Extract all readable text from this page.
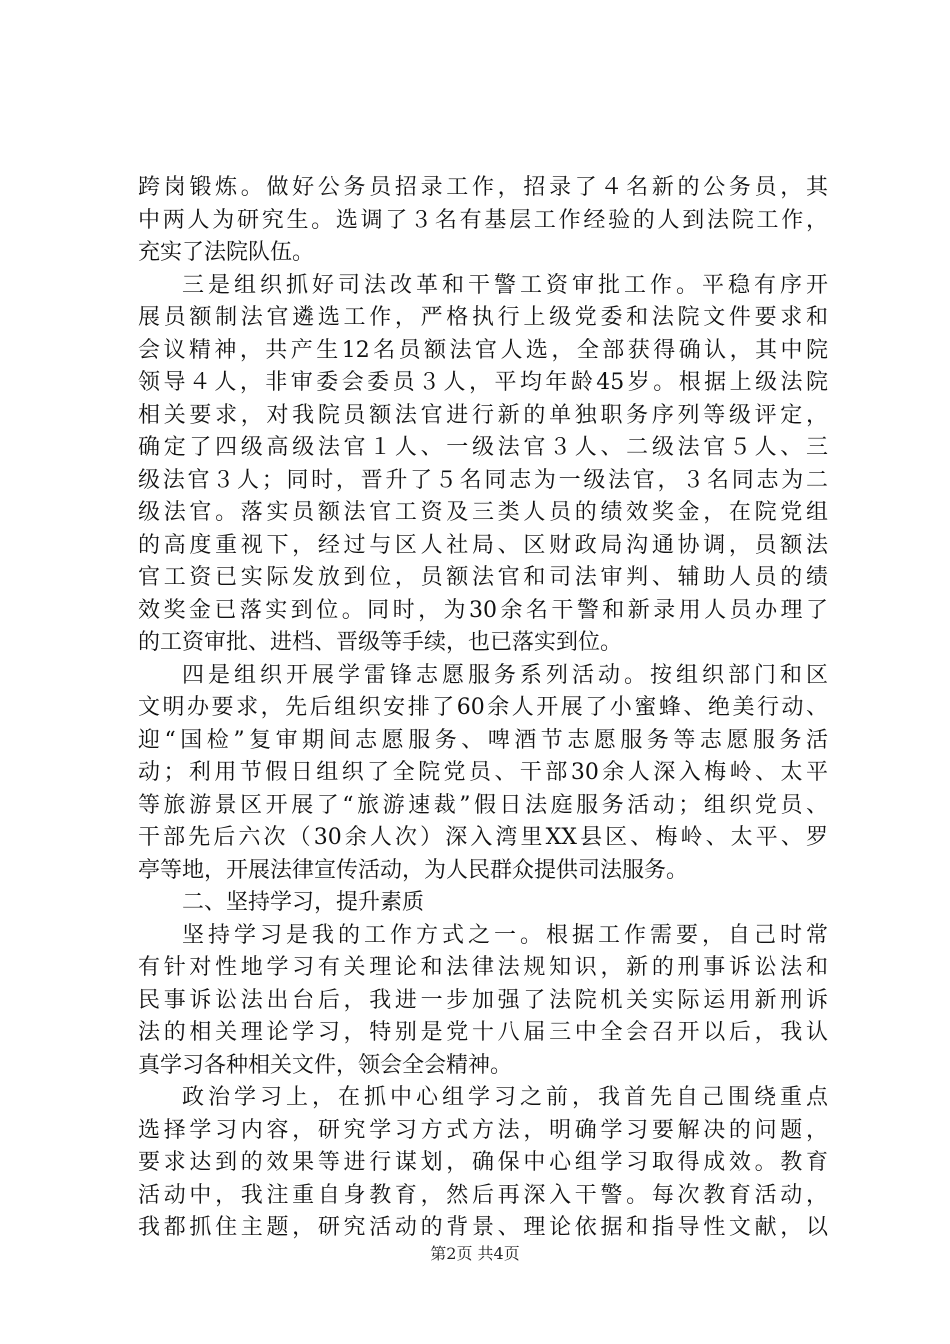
跨岗锻炼。做好公务员招录工作，招录了４名新的公务员，其
中两人为研究生。选调了３名有基层工作经验的人到法院工作，
充实了法院队伍。
三是组织抓好司法改革和干警工资审批工作。平稳有序开
展员额制法官遴选工作，严格执行上级党委和法院文件要求和
会议精神，共产生12名员额法官人选，全部获得确认，其中院
领导４人，非审委会委员３人，平均年龄45岁。根据上级法院
相关要求，对我院员额法官进行新的单独职务序列等级评定，
确定了四级高级法官１人、一级法官３人、二级法官５人、三
级法官３人；同时，晋升了５名同志为一级法官，３名同志为二
级法官。落实员额法官工资及三类人员的绩效奖金，在院党组
的高度重视下，经过与区人社局、区财政局沟通协调，员额法
官工资已实际发放到位，员额法官和司法审判、辅助人员的绩
效奖金已落实到位。同时，为30余名干警和新录用人员办理了
的工资审批、进档、晋级等手续，也已落实到位。
四是组织开展学雷锋志愿服务系列活动。按组织部门和区
文明办要求，先后组织安排了60余人开展了小蜜蜂、绝美行动、
迎“国检”复审期间志愿服务、啤酒节志愿服务等志愿服务活
动；利用节假日组织了全院党员、干部30余人深入梅岭、太平
等旅游景区开展了“旅游速裁”假日法庭服务活动；组织党员、
干部先后六次（30余人次）深入湾里XX县区、梅岭、太平、罗
亭等地，开展法律宣传活动，为人民群众提供司法服务。
二、坚持学习，提升素质
坚持学习是我的工作方式之一。根据工作需要，自己时常
有针对性地学习有关理论和法律法规知识，新的刑事诉讼法和
民事诉讼法出台后，我进一步加强了法院机关实际运用新刑诉
法的相关理论学习，特别是党十八届三中全会召开以后，我认
真学习各种相关文件，领会全会精神。
政治学习上，在抓中心组学习之前，我首先自己围绕重点
选择学习内容，研究学习方式方法，明确学习要解决的问题，
要求达到的效果等进行谋划，确保中心组学习取得成效。教育
活动中，我注重自身教育，然后再深入干警。每次教育活动，
我都抓住主题，研究活动的背景、理论依据和指导性文献，以
第2页 共4页
